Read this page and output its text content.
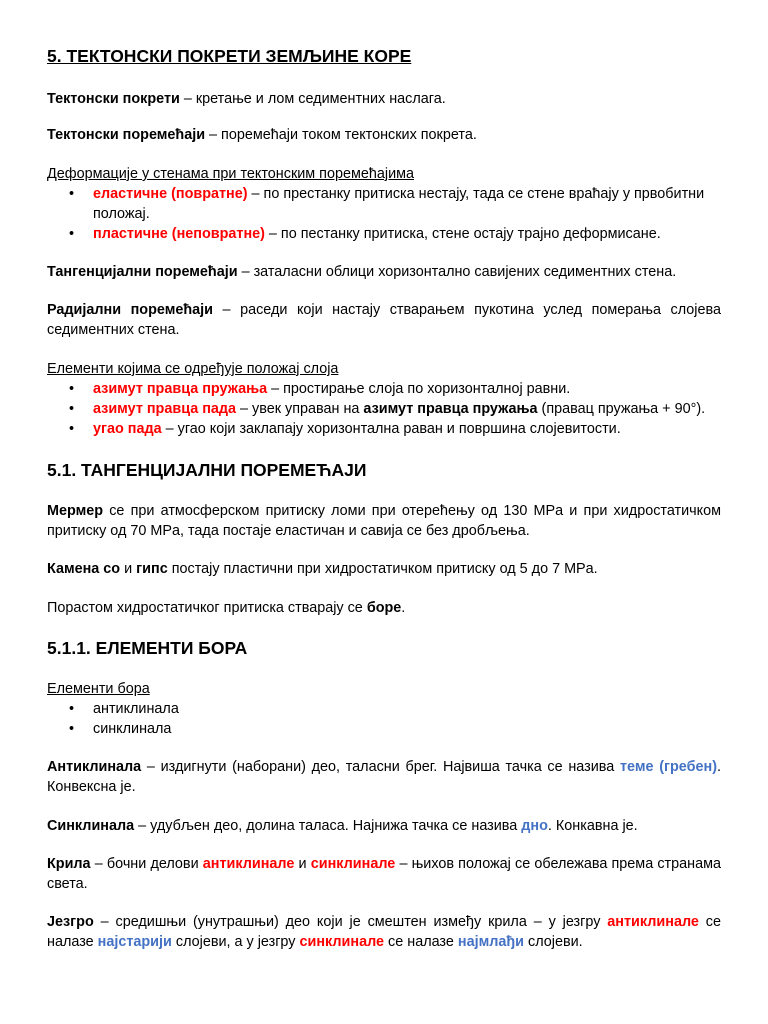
5. ТЕКТОНСКИ ПОКРЕТИ ЗЕМЉИНЕ КОРЕ

Тектонски покрети – кретање и лом седиментних наслага.

Тектонски поремећаји – поремећаји током тектонских покрета.

Деформације у стенама при тектонским поремећајима

• еластичне (повратне) – по престанку притиска нестају, тада се стене враћају у првобитни положај.
• пластичне (неповратне) – по пестанку притиска, стене остају трајно деформисане.

Тангенцијални поремећаји – заталасни облици хоризонтално савијених седиментних стена.

Радијални поремећаји – раседи који настају стварањем пукотина услед померања слојева седиментних стена.

Елементи којима се одређује положај слоја

• азимут правца пружања – простирање слоја по хоризонталној равни.
• азимут правца пада – увек управан на азимут правца пружања (правац пружања + 90°).
• угао пада – угао који заклапају хоризонтална раван и површина слојевитости.
5.1. ТАНГЕНЦИЈАЛНИ ПОРЕМЕЋАЈИ

Мермер се при атмосферском притиску ломи при отерећењу од 130 MPa и при хидростатичком притиску од 70 MPa, тада постаје еластичан и савија се без дробљења.

Камена со и гипс постају пластични при хидростатичком притиску од 5 до 7 MPa.

Порастом хидростатичког притиска стварају се боре.

5.1.1. ЕЛЕМЕНТИ БОРА

Елементи бора

• антиклинала
• синклинала

Антиклинала – издигнути (наборани) део, таласни брег. Највиша тачка се назива теме (гребен). Конвексна је.

Синклинала – удубљен део, долина таласа. Најнижа тачка се назива дно. Конкавна је.

Крила – бочни делови антиклинале и синклинале – њихов положај се обележава према странама света.

Језгро – средишњи (унутрашњи) део који је смештен између крила – у језгру антиклинале се налазе најстарији слојеви, а у језгру синклинале се налазе најмлађи слојеви.
